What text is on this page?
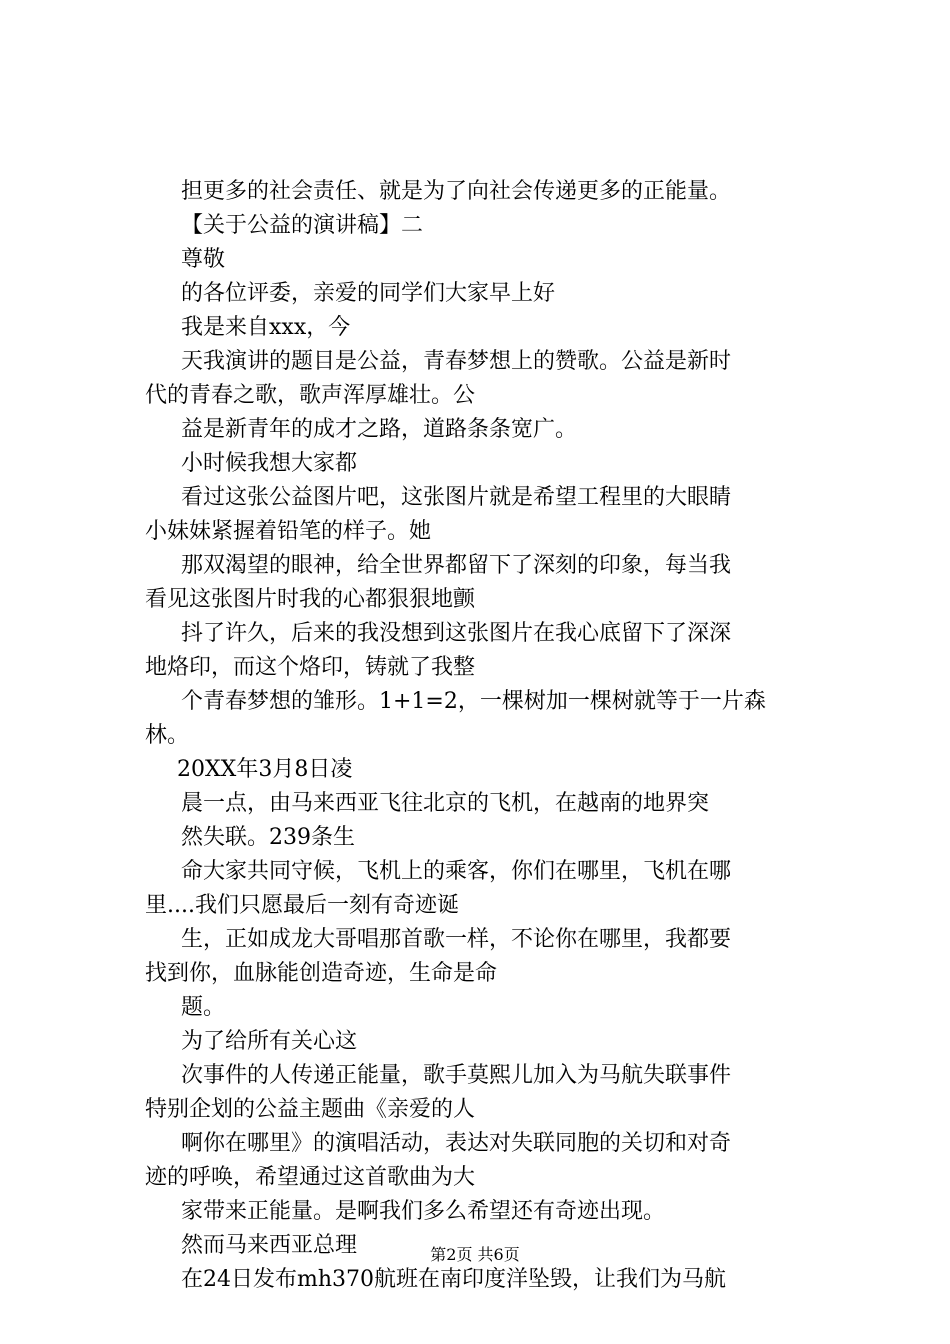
担更多的社会责任、就是为了向社会传递更多的正能量。
【关于公益的演讲稿】二
尊敬
的各位评委，亲爱的同学们大家早上好
我是来自xxx，今
天我演讲的题目是公益，青春梦想上的赞歌。公益是新时
代的青春之歌，歌声浑厚雄壮。公
益是新青年的成才之路，道路条条宽广。
小时候我想大家都
看过这张公益图片吧，这张图片就是希望工程里的大眼睛
小妹妹紧握着铅笔的样子。她
那双渴望的眼神，给全世界都留下了深刻的印象，每当我
看见这张图片时我的心都狠狠地颤
抖了许久，后来的我没想到这张图片在我心底留下了深深
地烙印，而这个烙印，铸就了我整
个青春梦想的雏形。1+1=2，一棵树加一棵树就等于一片森
林。
20XX年3月8日凌
晨一点，由马来西亚飞往北京的飞机，在越南的地界突
然失联。239条生
命大家共同守候，飞机上的乘客，你们在哪里，飞机在哪
里....我们只愿最后一刻有奇迹诞
生，正如成龙大哥唱那首歌一样，不论你在哪里，我都要
找到你，血脉能创造奇迹，生命是命
题。
为了给所有关心这
次事件的人传递正能量，歌手莫熙儿加入为马航失联事件
特别企划的公益主题曲《亲爱的人
啊你在哪里》的演唱活动，表达对失联同胞的关切和对奇
迹的呼唤，希望通过这首歌曲为大
家带来正能量。是啊我们多么希望还有奇迹出现。
然而马来西亚总理
在24日发布mh370航班在南印度洋坠毁，让我们为马航
第2页 共6页
